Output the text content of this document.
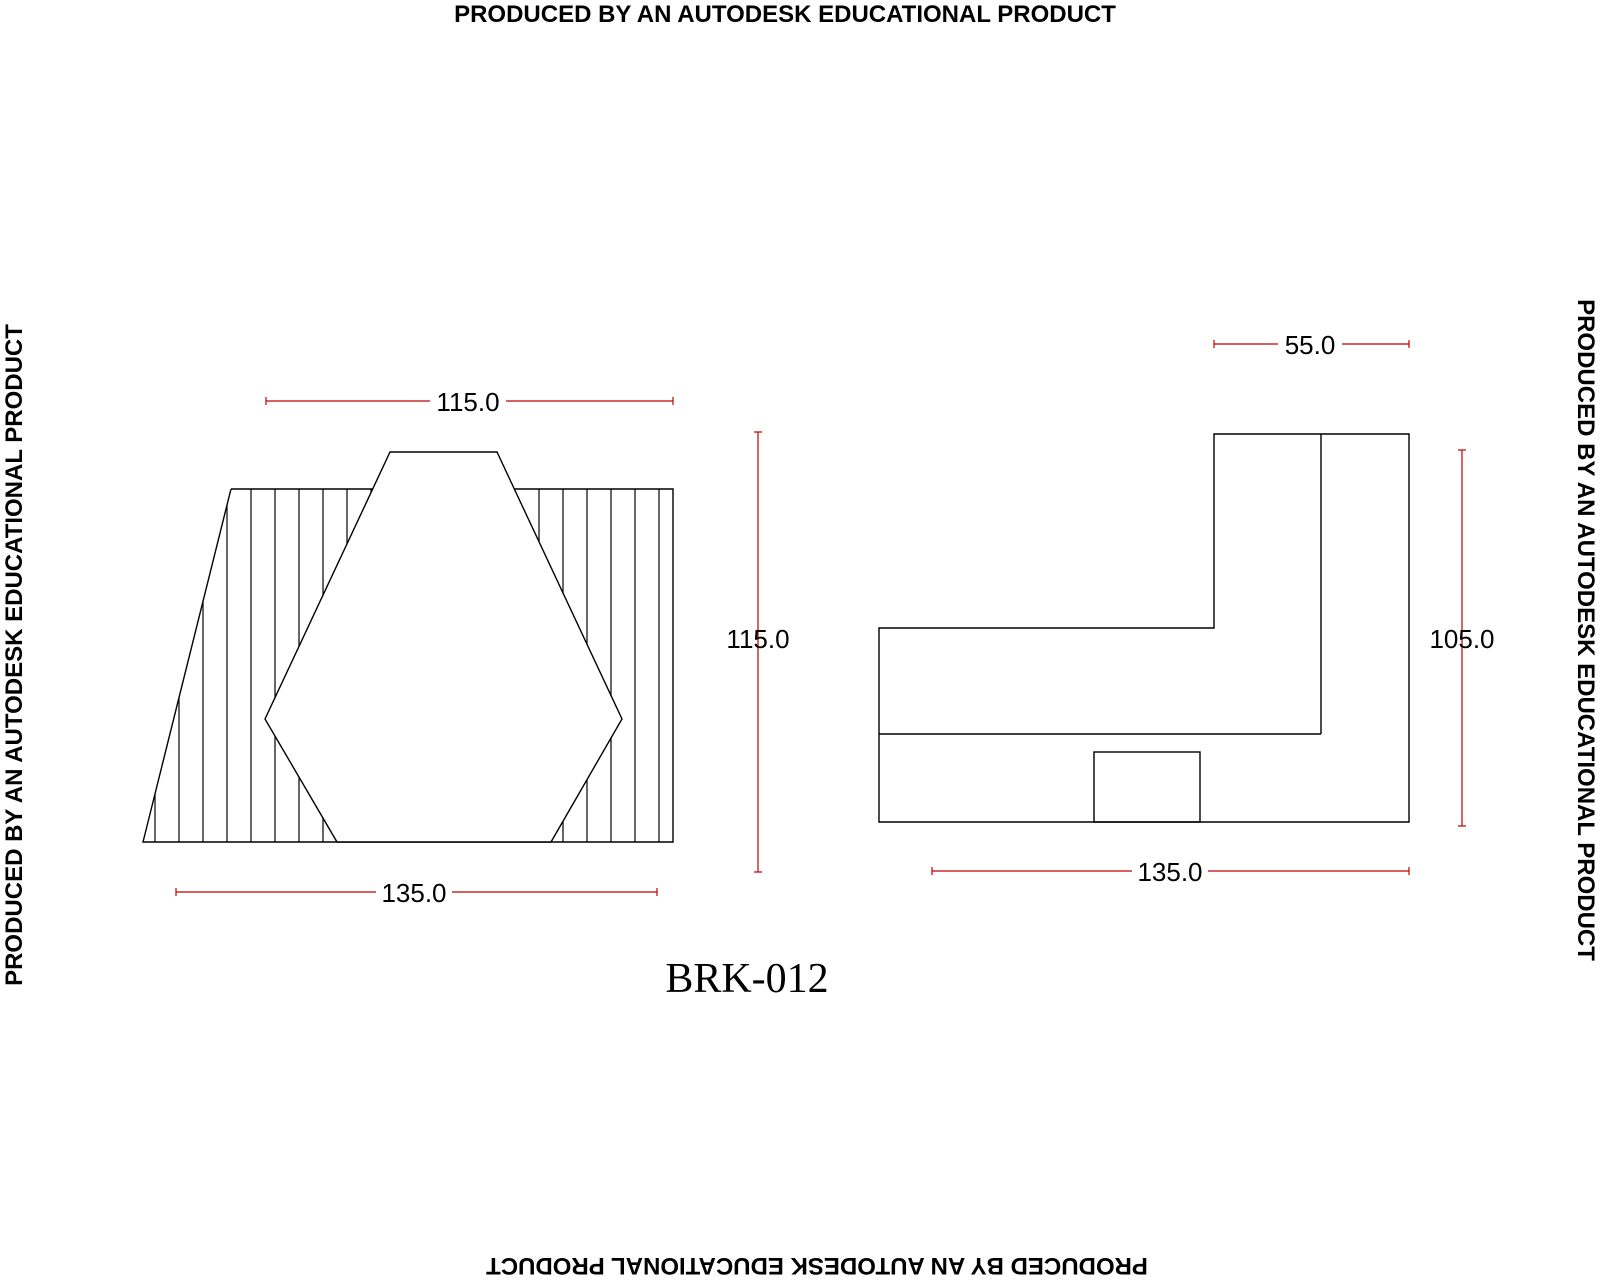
PRODUCED BY AN AUTODESK EDUCATIONAL PRODUCT
PRODUCED BY AN AUTODESK EDUCATIONAL PRODUCT
PRODUCED BY AN AUTODESK EDUCATIONAL PRODUCT	PRODUCED BY AN AUTODESK EDUCATIONAL PRODUCT
115.0
115.0
135.0
55.0
105.0
135.0
BRK-012
